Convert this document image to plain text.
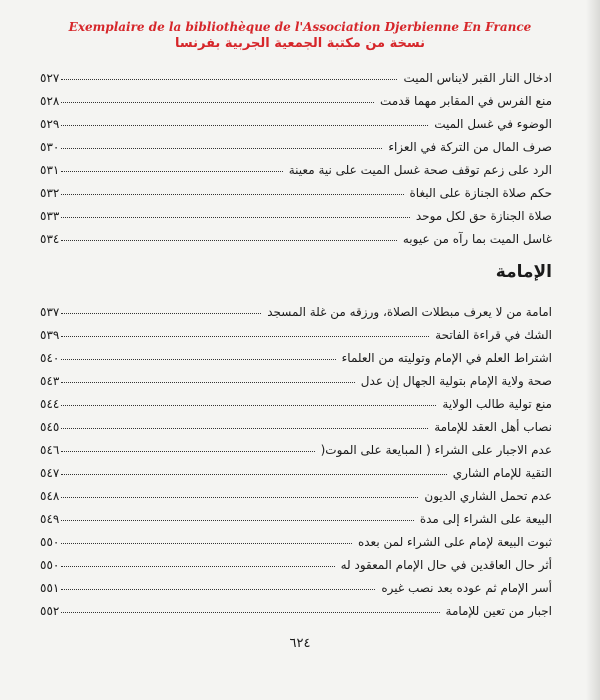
Exemplaire de la bibliothèque de l'Association Djerbienne En France
نسخة من مكتبة الجمعية الجربية بفرنسا
ادخال النار القبر لايناس الميت
٥٢٧
منع الفرس في المقابر مهما قدمت
٥٢٨
الوضوء في غسل الميت
٥٢٩
صرف المال من التركة في العزاء
٥٣٠
الرد على زعم توقف صحة غسل الميت على نية معينة
٥٣١
حكم صلاة الجنازة على البغاة
٥٣٢
صلاة الجنازة حق لكل موحد
٥٣٣
غاسل الميت بما رآه من عيوبه
٥٣٤
الإمامة
امامة من لا يعرف مبطلات الصلاة، ورزقه من غلة المسجد
٥٣٧
الشك في قراءة الفاتحة
٥٣٩
اشتراط العلم في الإمام وتوليته من العلماء
٥٤٠
صحة ولاية الإمام بتولية الجهال إن عدل
٥٤٣
منع تولية طالب الولاية
٥٤٤
نصاب أهل العقد للإمامة
٥٤٥
عدم الاجبار على الشراء ( المبايعة على الموت(
٥٤٦
التقية للإمام الشاري
٥٤٧
عدم تحمل الشاري الديون
٥٤٨
البيعة على الشراء إلى مدة
٥٤٩
ثبوت البيعة لإمام على الشراء لمن بعده
٥٥٠
أثر حال العاقدين في حال الإمام المعقود له
٥٥٠
أسر الإمام ثم عوده بعد نصب غيره
٥٥١
اجبار من تعين للإمامة
٥٥٢
٦٢٤
